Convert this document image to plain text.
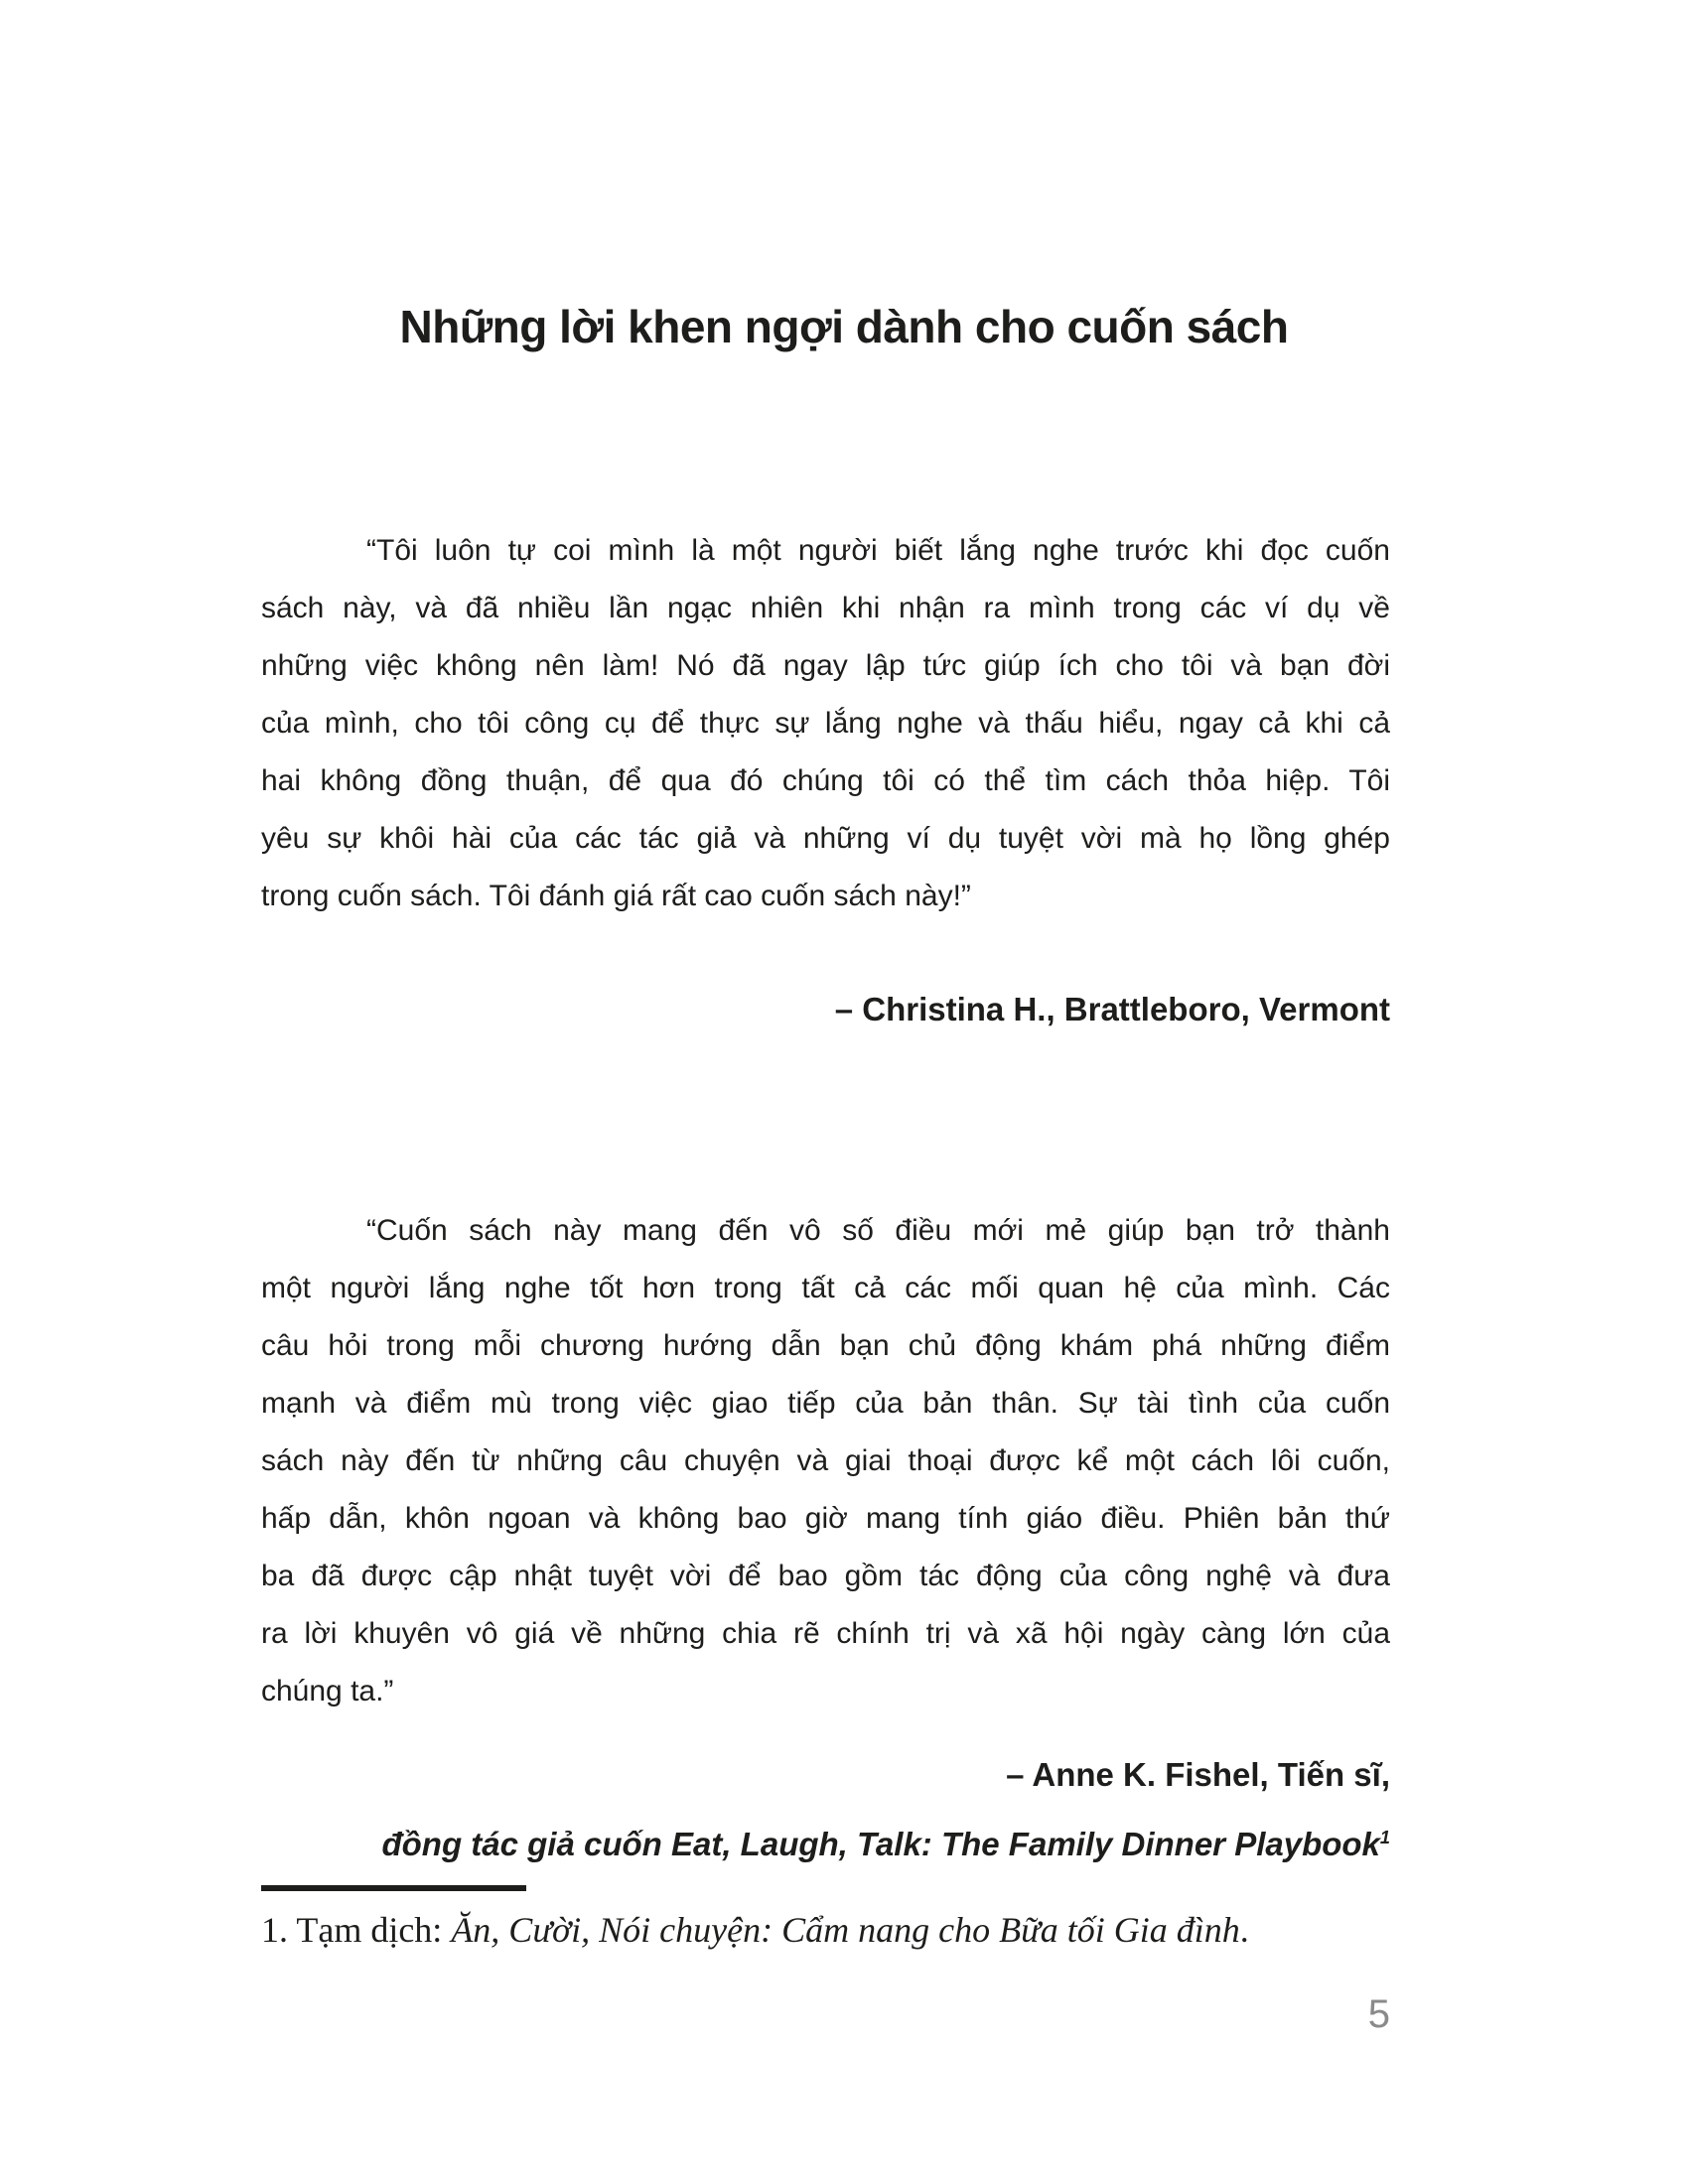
Những lời khen ngợi dành cho cuốn sách
“Tôi luôn tự coi mình là một người biết lắng nghe trước khi đọc cuốn
sách này, và đã nhiều lần ngạc nhiên khi nhận ra mình trong các ví dụ về
những việc không nên làm! Nó đã ngay lập tức giúp ích cho tôi và bạn đời
của mình, cho tôi công cụ để thực sự lắng nghe và thấu hiểu, ngay cả khi cả
hai không đồng thuận, để qua đó chúng tôi có thể tìm cách thỏa hiệp. Tôi
yêu sự khôi hài của các tác giả và những ví dụ tuyệt vời mà họ lồng ghép
trong cuốn sách. Tôi đánh giá rất cao cuốn sách này!”
– Christina H., Brattleboro, Vermont
“Cuốn sách này mang đến vô số điều mới mẻ giúp bạn trở thành
một người lắng nghe tốt hơn trong tất cả các mối quan hệ của mình. Các
câu hỏi trong mỗi chương hướng dẫn bạn chủ động khám phá những điểm
mạnh và điểm mù trong việc giao tiếp của bản thân. Sự tài tình của cuốn
sách này đến từ những câu chuyện và giai thoại được kể một cách lôi cuốn,
hấp dẫn, khôn ngoan và không bao giờ mang tính giáo điều. Phiên bản thứ
ba đã được cập nhật tuyệt vời để bao gồm tác động của công nghệ và đưa
ra lời khuyên vô giá về những chia rẽ chính trị và xã hội ngày càng lớn của
chúng ta.”
– Anne K. Fishel, Tiến sĩ,
đồng tác giả cuốn Eat, Laugh, Talk: The Family Dinner Playbook$^1$
1. Tạm dịch: Ăn, Cười, Nói chuyện: Cẩm nang cho Bữa tối Gia đình.
5
